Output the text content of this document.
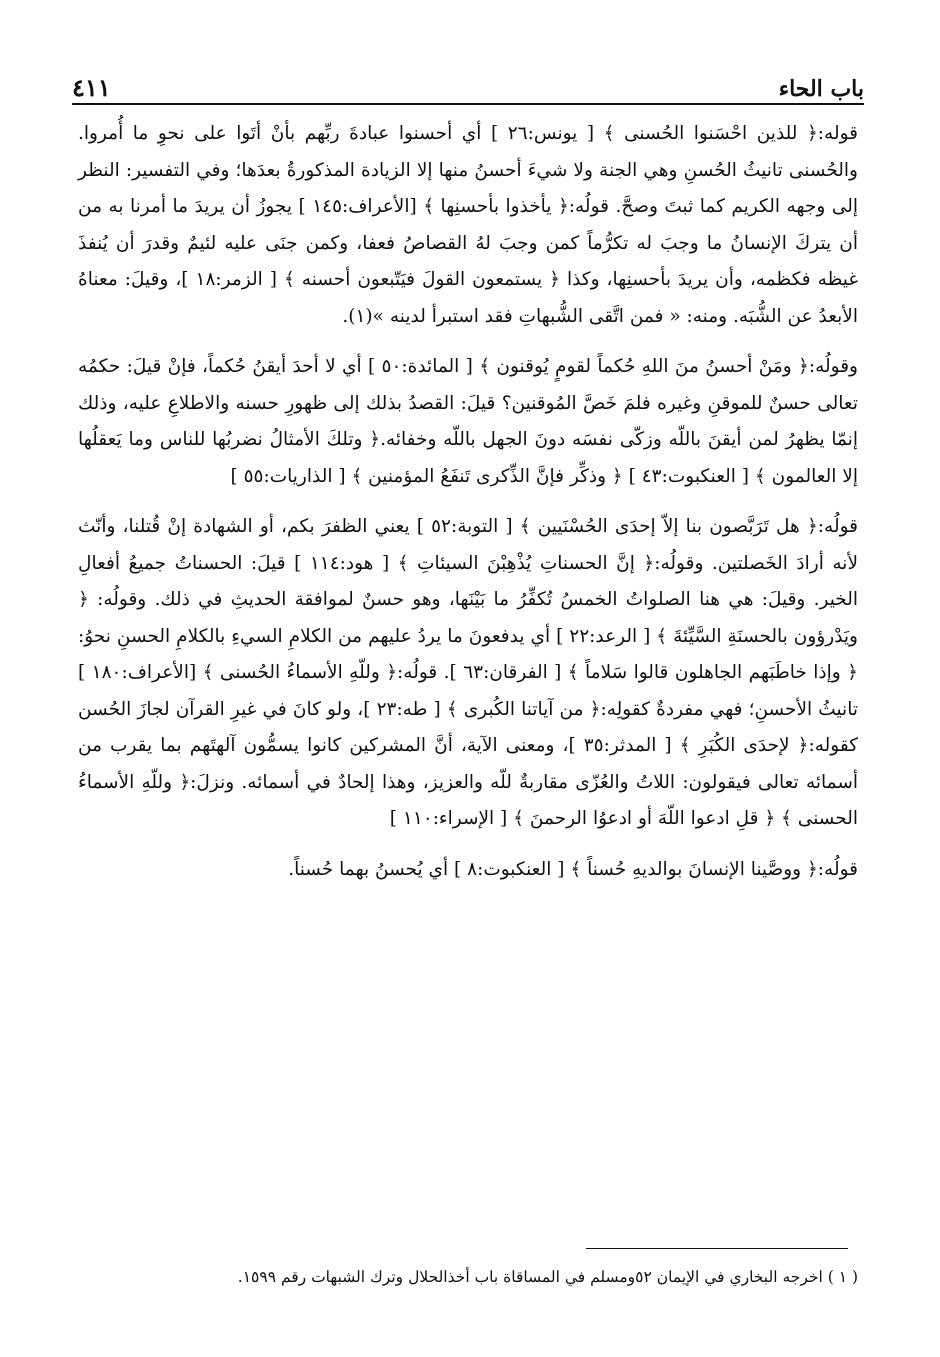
باب الحاء
٤١١

قوله:﴿ للذين احْسَنوا الحُسنى ﴾ [ يونس:٢٦ ] أي أحسنوا عبادةَ ربِّهم بأنْ أتَوا على نحوِ ما أُمروا. والحُسنى تانيثُ الحُسنِ وهي الجنة ولا شيءَ أحسنُ منها إلا الزيادة المذكورةُ بعدَها؛ وفي التفسير: النظر إلى وجهه الكريم كما ثبتَ وصحَّ. قولُه:﴿ يأخذوا بأحسنِها ﴾ [الأعراف:١٤٥ ] يجوزُ أن يريدَ ما أمرنا به من أن يتركَ الإنسانُ ما وجبَ له تكرُّماً كمن وجبَ لهُ القصاصُ فعفا، وكمن جنَى عليه لئيمٌ وقدرَ أن يُنفذَ غيظه فكظمه، وأن يريدَ بأحسنِها، وكذا ﴿ يستمعون القولَ فيَتّبعون أحسنه ﴾ [ الزمر:١٨ ]، وقيلَ: معناهُ الأبعدُ عن الشُّبَه. ومنه: « فمن اتَّقى الشُّبهاتِ فقد استبرأ لدينه »(١).

وقولُه:﴿ ومَنْ أحسنُ منَ اللهِ حُكماً لقومٍ يُوقنون ﴾ [ المائدة:٥٠ ] أي لا أحدَ أيقنُ حُكماً، فإنْ قيلَ: حكمُه تعالى حسنٌ للموقنِ وغيره فلمَ خَصَّ المُوقنين؟ قيلَ: القصدُ بذلك إلى ظهورِ حسنه والاطلاعِ عليه، وذلك إنمّا يظهرُ لمن أيقنَ باللّه وزكّى نفسَه دونَ الجهل باللّه وخفائه.﴿ وتلكَ الأمثالُ نضربُها للناس وما يَعقلُها إلا العالمون ﴾ [ العنكبوت:٤٣ ] ﴿ وذكِّر فإنَّ الذِّكرى تَنفَعُ المؤمنين ﴾ [ الذاريات:٥٥ ]

قولُه:﴿ هل تَرَبَّصون بنا إلاّ إحدَى الحُسْنَيين ﴾ [ التوبة:٥٢ ] يعني الظفرَ بكم، أو الشهادة إنْ قُتلنا، وأنّث لأنه أرادَ الخَصلتين. وقولُه:﴿ إنَّ الحسناتِ يُذْهِبْنَ السيئاتِ ﴾ [ هود:١١٤ ] قيلَ: الحسناتُ جميعُ أفعالِ الخير. وقيلَ: هي هنا الصلواتُ الخمسُ تُكفِّرُ ما بَيْنَها، وهو حسنٌ لموافقة الحديثِ في ذلك. وقولُه: ﴿ ويَدْرؤون بالحسنَةِ السَّيِّئةَ ﴾ [ الرعد:٢٢ ] أي يدفعونَ ما يردُ عليهم من الكلامِ السيءِ بالكلامِ الحسنِ نحوُ:﴿ وإذا خاطَبَهم الجاهلون قالوا سَلاماً ﴾ [ الفرقان:٦٣ ]. قولُه:﴿ وللّهِ الأسماءُ الحُسنى ﴾ [الأعراف:١٨٠ ] تانيثُ الأحسنِ؛ فهي مفردةٌ كقولِه:﴿ من آياتنا الكُبرى ﴾ [ طه:٢٣ ]، ولو كانَ في غيرِ القرآن لجازَ الحُسن كقوله:﴿ لإحدَى الكُبَرِ ﴾ [ المدثر:٣٥ ]، ومعنى الآية، أنَّ المشركين كانوا يسمُّون آلهتَهم بما يقرب من أسمائه تعالى فيقولون: اللاتُ والعُزّى مقاربةٌ للّه والعزيز، وهذا إلحادٌ في أسمائه. ونزلَ:﴿ وللّهِ الأسماءُ الحسنى ﴾ ﴿ قلِ ادعوا اللّهَ أو ادعوُا الرحمنَ ﴾ [ الإسراء:١١٠ ]

قولُه:﴿ ووصَّينا الإنسانَ بوالديهِ حُسناً ﴾ [ العنكبوت:٨ ] أي يُحسنُ بهما حُسناً.

( ١ ) اخرجه البخاري في الإيمان ٥٢ومسلم في المساقاة باب أخذالحلال وترك الشبهات رقم ١٥٩٩.
